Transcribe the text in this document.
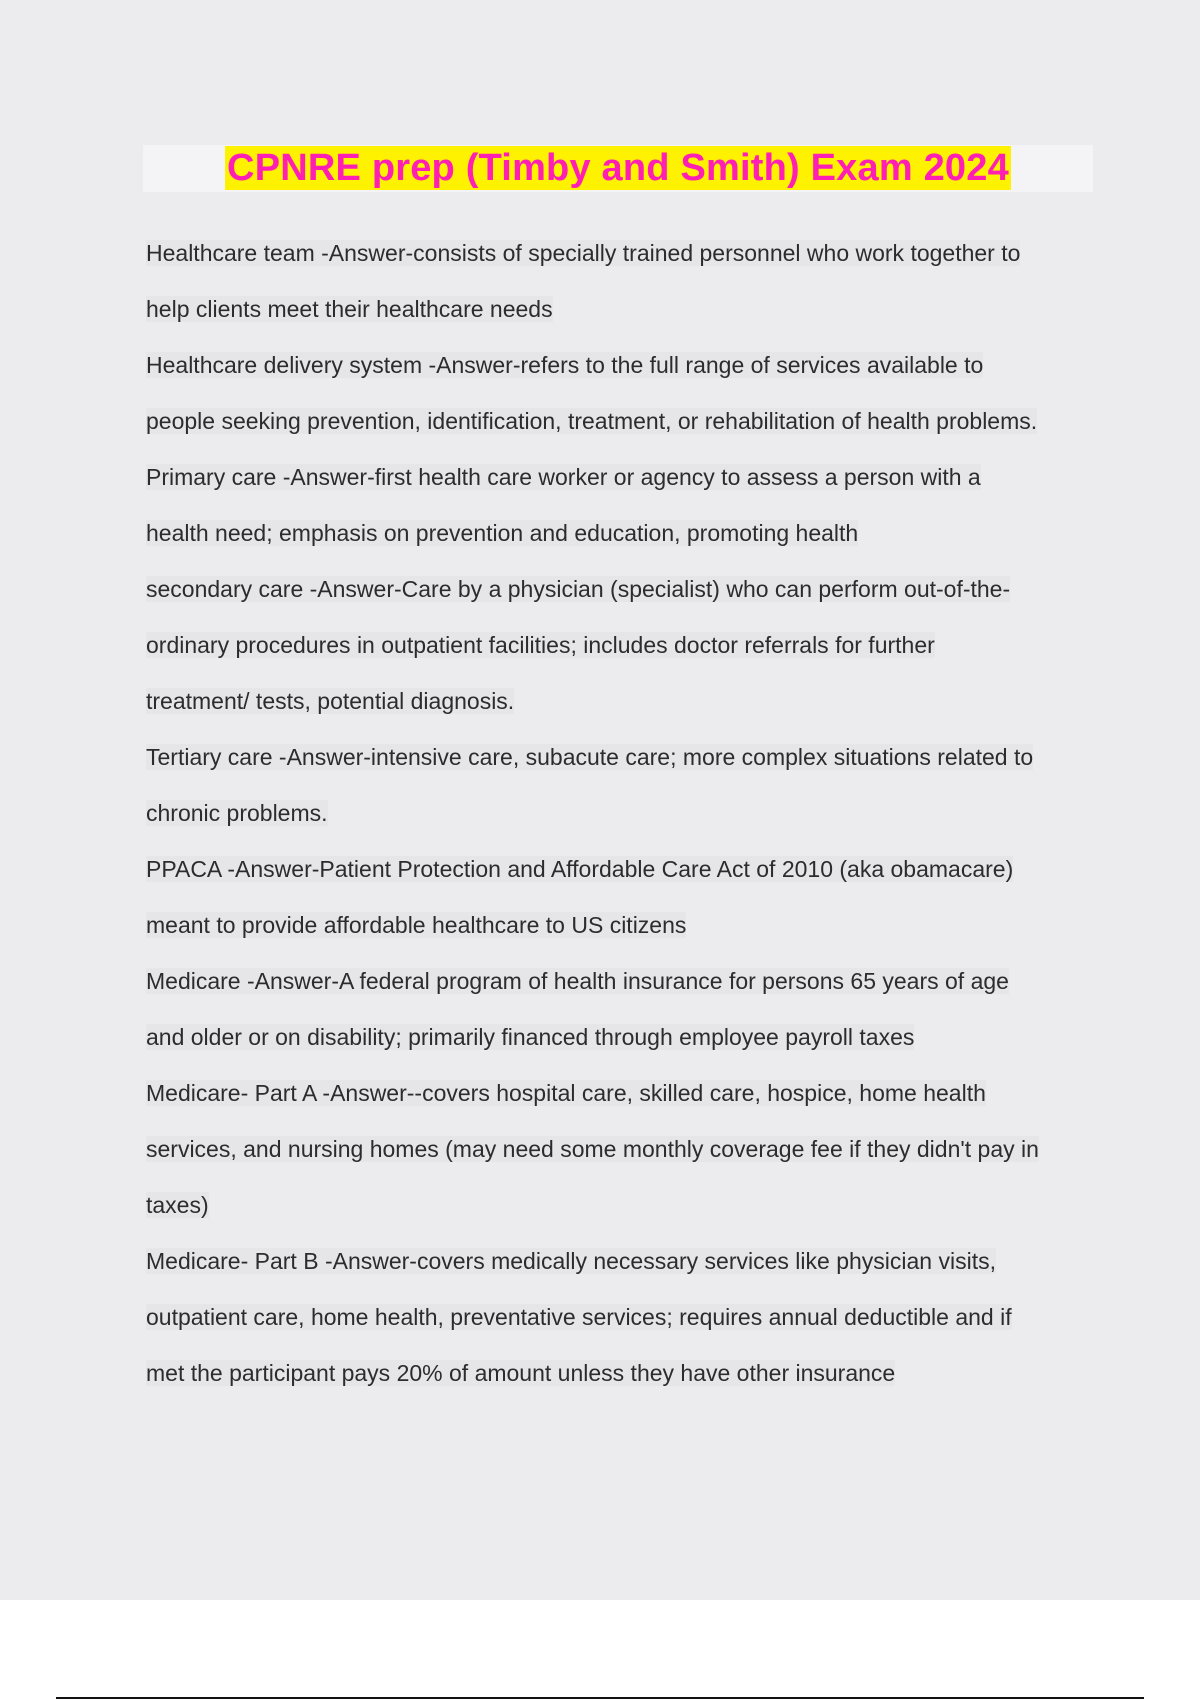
CPNRE prep (Timby and Smith) Exam 2024
Healthcare team -Answer-consists of specially trained personnel who work together to
help clients meet their healthcare needs
Healthcare delivery system -Answer-refers to the full range of services available to
people seeking prevention, identification, treatment, or rehabilitation of health problems.
Primary care -Answer-first health care worker or agency to assess a person with a
health need; emphasis on prevention and education, promoting health
secondary care -Answer-Care by a physician (specialist) who can perform out-of-the-
ordinary procedures in outpatient facilities; includes doctor referrals for further
treatment/ tests, potential diagnosis.
Tertiary care -Answer-intensive care, subacute care; more complex situations related to
chronic problems.
PPACA -Answer-Patient Protection and Affordable Care Act of 2010 (aka obamacare)
meant to provide affordable healthcare to US citizens
Medicare -Answer-A federal program of health insurance for persons 65 years of age
and older or on disability; primarily financed through employee payroll taxes
Medicare- Part A -Answer--covers hospital care, skilled care, hospice, home health
services, and nursing homes (may need some monthly coverage fee if they didn't pay in
taxes)
Medicare- Part B -Answer-covers medically necessary services like physician visits,
outpatient care, home health, preventative services; requires annual deductible and if
met the participant pays 20% of amount unless they have other insurance
